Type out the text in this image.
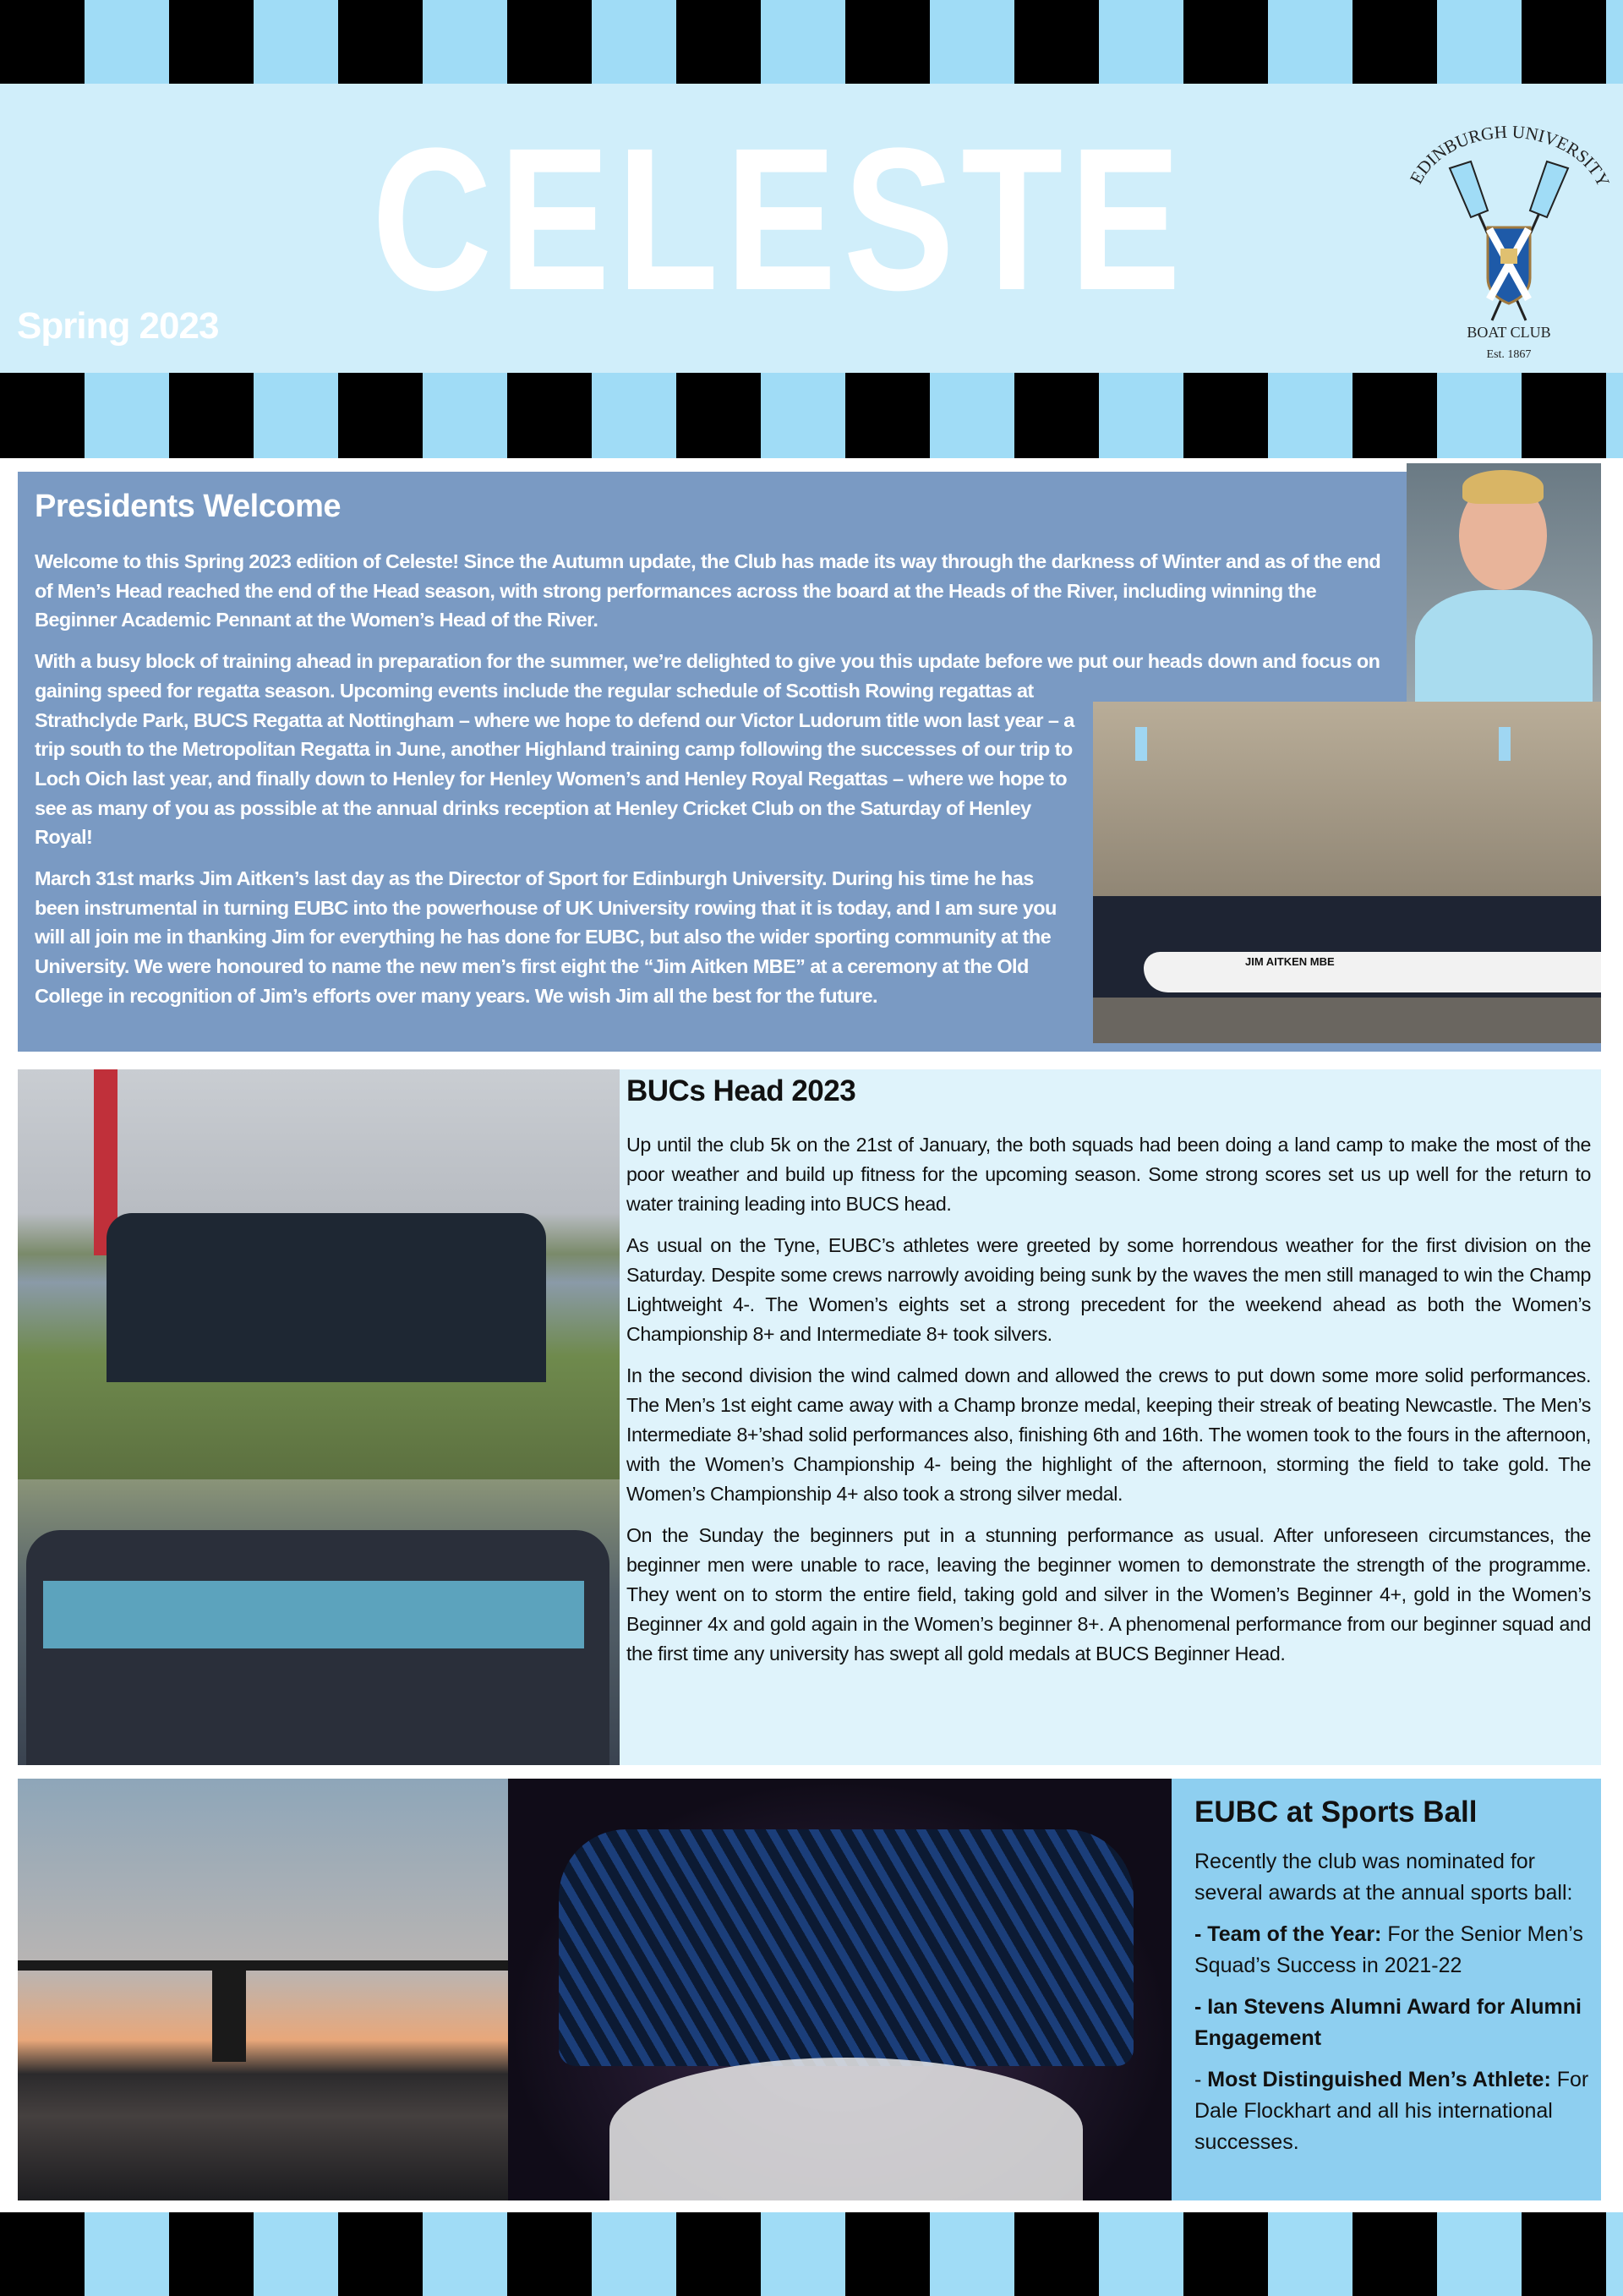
CELESTE
Spring 2023
EDINBURGH UNIVERSITY
BOAT CLUB
Est. 1867
Presidents Welcome

Welcome to this Spring 2023 edition of Celeste! Since the Autumn update, the Club has made its way through the darkness of Winter and as of the end of Men’s Head reached the end of the Head season, with strong performances across the board at the Heads of the River, including winning the Beginner Academic Pennant at the Women’s Head of the River.

JIM AITKEN MBE

With a busy block of training ahead in preparation for the summer, we’re delighted to give you this update before we put our heads down and focus on gaining speed for regatta season. Upcoming events include the regular schedule of Scottish Rowing regattas at Strathclyde Park, BUCS Regatta at Nottingham – where we hope to defend our Victor Ludorum title won last year – a trip south to the Metropolitan Regatta in June, another Highland training camp following the successes of our trip to Loch Oich last year, and finally down to Henley for Henley Women’s and Henley Royal Regattas – where we hope to see as many of you as possible at the annual drinks reception at Henley Cricket Club on the Saturday of Henley Royal!

March 31st marks Jim Aitken’s last day as the Director of Sport for Edinburgh University. During his time he has been instrumental in turning EUBC into the powerhouse of UK University rowing that it is today, and I am sure you will all join me in thanking Jim for everything he has done for EUBC, but also the wider sporting community at the University. We were honoured to name the new men’s first eight the “Jim Aitken MBE” at a ceremony at the Old College in recognition of Jim’s efforts over many years. We wish Jim all the best for the future.

BUCs Head 2023

Up until the club 5k on the 21st of January, the both squads had been doing a land camp to make the most of the poor weather and build up fitness for the upcoming season. Some strong scores set us up well for the return to water training leading into BUCS head.

As usual on the Tyne, EUBC’s athletes were greeted by some horrendous weather for the first division on the Saturday. Despite some crews narrowly avoiding being sunk by the waves the men still managed to win the Champ Lightweight 4-. The Women’s eights set a strong precedent for the weekend ahead as both the Women’s Championship 8+ and Intermediate 8+ took silvers.

In the second division the wind calmed down and allowed the crews to put down some more solid performances. The Men’s 1st eight came away with a Champ bronze medal, keeping their streak of beating Newcastle. The Men’s Intermediate 8+’shad solid performances also, finishing 6th and 16th. The women took to the fours in the afternoon, with the Women’s Championship 4- being the highlight of the afternoon, storming the field to take gold. The Women’s Championship 4+ also took a strong silver medal.

On the Sunday the beginners put in a stunning performance as usual. After unforeseen circumstances, the beginner men were unable to race, leaving the beginner women to demonstrate the strength of the programme. They went on to storm the entire field, taking gold and silver in the Women’s Beginner 4+, gold in the Women’s Beginner 4x and gold again in the Women’s beginner 8+. A phenomenal performance from our beginner squad and the first time any university has swept all gold medals at BUCS Beginner Head.

EUBC at Sports Ball

Recently the club was nominated for several awards at the annual sports ball:

- Team of the Year: For the Senior Men’s Squad’s Success in 2021-22

- Ian Stevens Alumni Award for Alumni Engagement

- Most Distinguished Men’s Athlete: For Dale Flockhart and all his international successes.
